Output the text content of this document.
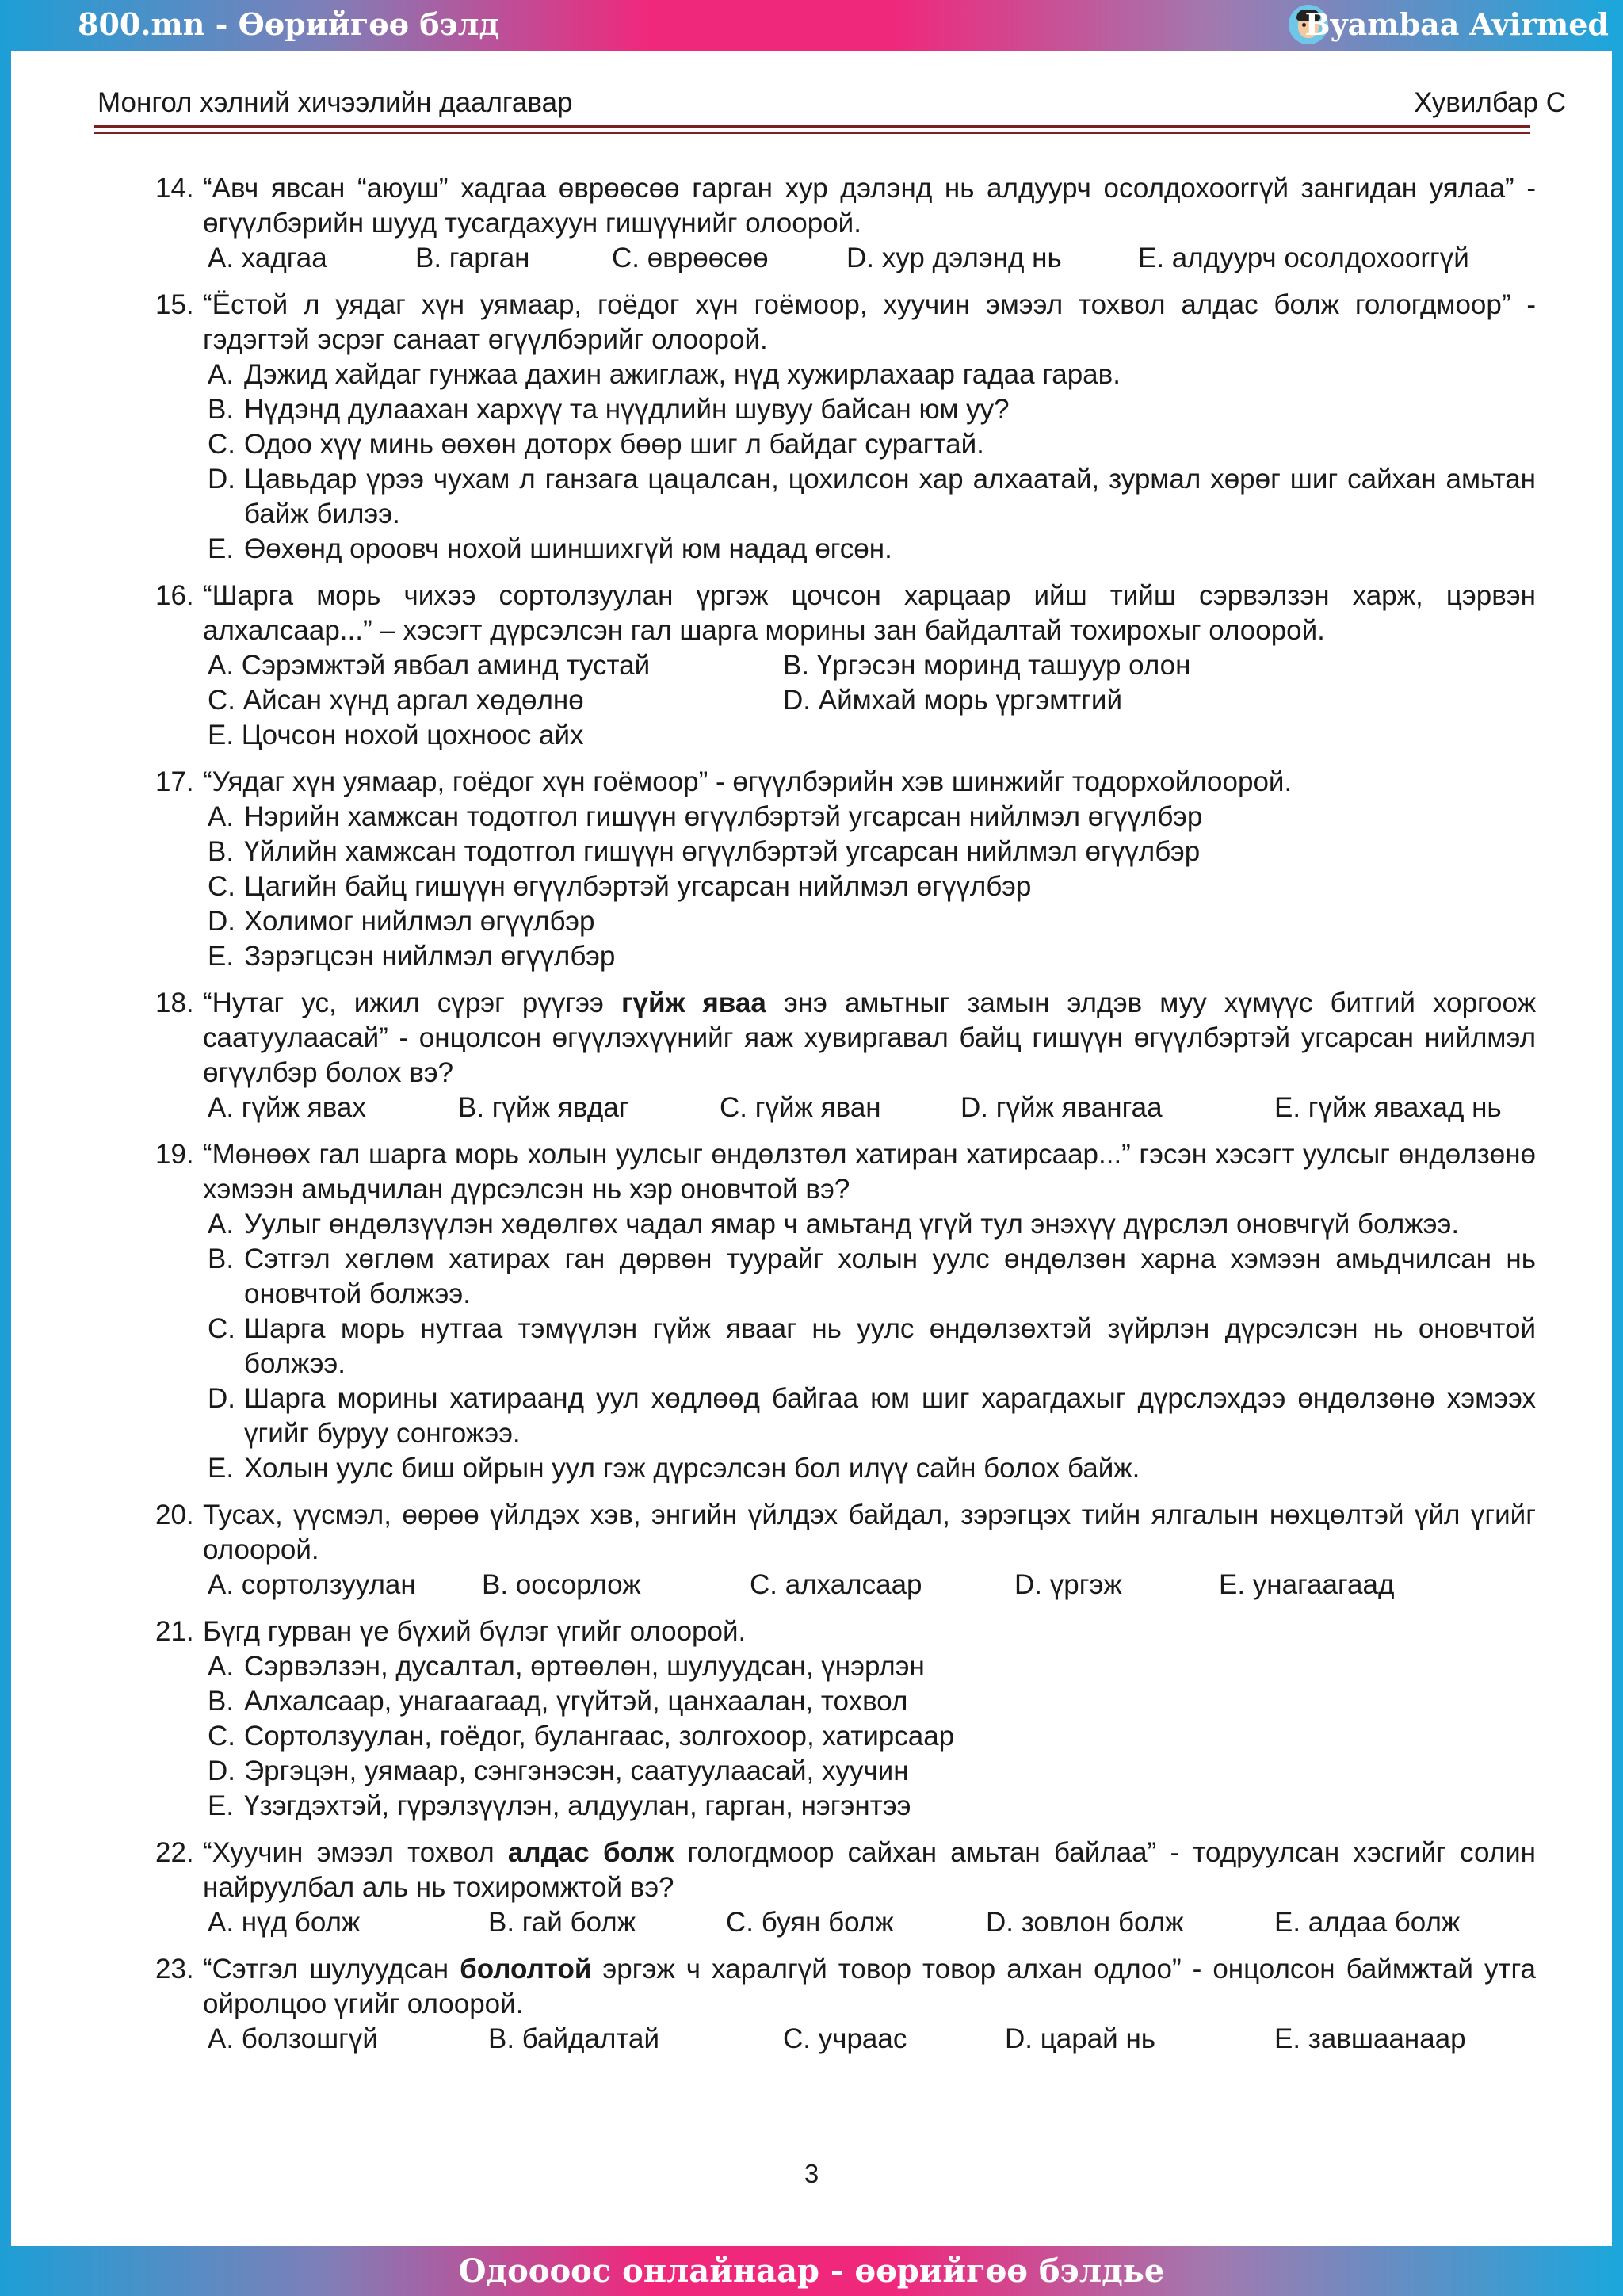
800.mn - Өөрийгөө бэлд	Byambaa Avirmed
Монгол хэлний хичээлийн даалгавар	Хувилбар С
14. “Авч явсан “аюуш” хадгаа өврөөсөө гарган хур дэлэнд нь алдуурч осолдохоorгүй зангидан уялаа” - өгүүлбэрийн шууд тусагдахуун гишүүнийг олоорой.
A. хадгаа	B. гарган	C. өврөөсөө	D. хур дэлэнд нь	E. алдуурч осолдохоorгүй
15. “Ёстой л уядаг хүн уямаар, гоёдог хүн гоёмоор, хуучин эмээл тохвол алдас болж гологдмоор” - гэдэгтэй эсрэг санаат өгүүлбэрийг олоорой.
A. Дэжид хайдаг гунжаа дахин ажиглаж, нүд хужирлахаар гадаа гарав.
B. Нүдэнд дулаахан хархүү та нүүдлийн шувуу байсан юм уу?
C. Одоо хүү минь өөхөн доторх бөөр шиг л байдаг сурагтай.
D. Цавьдар үрээ чухам л ганзага цацалсан, цохилсон хар алхаатай, зурмал хөрөг шиг сайхан амьтан байж билээ.
E. Өөхөнд ороовч нохой шиншихгүй юм надад өгсөн.
16. “Шарга морь чихээ сортолзуулан үргэж цочсон харцаар ийш тийш сэрвэлзэн харж, цэрвэн алхалсаар...” – хэсэгт дүрсэлсэн гал шарга морины зан байдалтай тохирохыг олоорой.
A. Сэрэмжтэй явбал аминд тустай	B. Үргэсэн моринд ташуур олон
C. Айсан хүнд аргал хөдөлнө	D. Аймхай морь үргэмтгий
E. Цочсон нохой цохноос айх
17. “Уядаг хүн уямаар, гоёдог хүн гоёмоор” - өгүүлбэрийн хэв шинжийг тодорхойлоорой.
A. Нэрийн хамжсан тодотгол гишүүн өгүүлбэртэй угсарсан нийлмэл өгүүлбэр
B. Үйлийн хамжсан тодотгол гишүүн өгүүлбэртэй угсарсан нийлмэл өгүүлбэр
C. Цагийн байц гишүүн өгүүлбэртэй угсарсан нийлмэл өгүүлбэр
D. Холимог нийлмэл өгүүлбэр
E. Зэрэгцсэн нийлмэл өгүүлбэр
18. “Нутаг ус, ижил сүрэг рүүгээ гүйж яваа энэ амьтныг замын элдэв муу хүмүүс битгий хоргоож саатуулаасай” - онцолсон өгүүлэхүүнийг яаж хувиргавал байц гишүүн өгүүлбэртэй угсарсан нийлмэл өгүүлбэр болох вэ?
A. гүйж явах	B. гүйж явдаг	C. гүйж яван	D. гүйж явангаа	E. гүйж явахад нь
19. “Мөнөөх гал шарга морь холын уулсыг өндөлзтөл хатиран хатирсаар...” гэсэн хэсэгт уулсыг өндөлзөнө хэмээн амьдчилан дүрсэлсэн нь хэр оновчтой вэ?
A. Уулыг өндөлзүүлэн хөдөлгөх чадал ямар ч амьтанд үгүй тул энэхүү дүрслэл оновчгүй болжээ.
B. Сэтгэл хөглөм хатирах ган дөрвөн туурайг холын уулс өндөлзөн харна хэмээн амьдчилсан нь оновчтой болжээ.
C. Шарга морь нутгаа тэмүүлэн гүйж явааг нь уулс өндөлзөхтэй зүйрлэн дүрсэлсэн нь оновчтой болжээ.
D. Шарга морины хатираанд уул хөдлөөд байгаа юм шиг харагдахыг дүрслэхдээ өндөлзөнө хэмээх үгийг буруу сонгожээ.
E. Холын уулс биш ойрын уул гэж дүрсэлсэн бол илүү сайн болох байж.
20. Тусах, үүсмэл, өөрөө үйлдэх хэв, энгийн үйлдэх байдал, зэрэгцэх тийн ялгалын нөхцөлтэй үйл үгийг олоорой.
A. сортолзуулан	B. оосорлож	C. алхалсаар	D. үргэж	E. унагаагаад
21. Бүгд гурван үе бүхий бүлэг үгийг олоорой.
A. Сэрвэлзэн, дусалтал, өртөөлөн, шулуудсан, үнэрлэн
B. Алхалсаар, унагаагаад, үгүйтэй, цанхаалан, тохвол
C. Сортолзуулан, гоёдог, булангаас, золгохоор, хатирсаар
D. Эргэцэн, уямаар, сэнгэнэсэн, саатуулаасай, хуучин
E. Үзэгдэхтэй, гүрэлзүүлэн, алдуулан, гарган, нэгэнтээ
22. “Хуучин эмээл тохвол алдас болж гологдмоор сайхан амьтан байлаа” - тодруулсан хэсгийг солин найруулбал аль нь тохиромжтой вэ?
A. нүд болж	B. гай болж	C. буян болж	D. зовлон болж	E. алдаа болж
23. “Сэтгэл шулуудсан бололтой эргэж ч харалгүй товор товор алхан одлоо” - онцолсон баймжтай утга ойролцоо үгийг олоорой.
A. болзошгүй	B. байдалтай	C. учраас	D. царай нь	E. завшаанаар
3
Одоооос онлайнаар - өөрийгөө бэлдье
